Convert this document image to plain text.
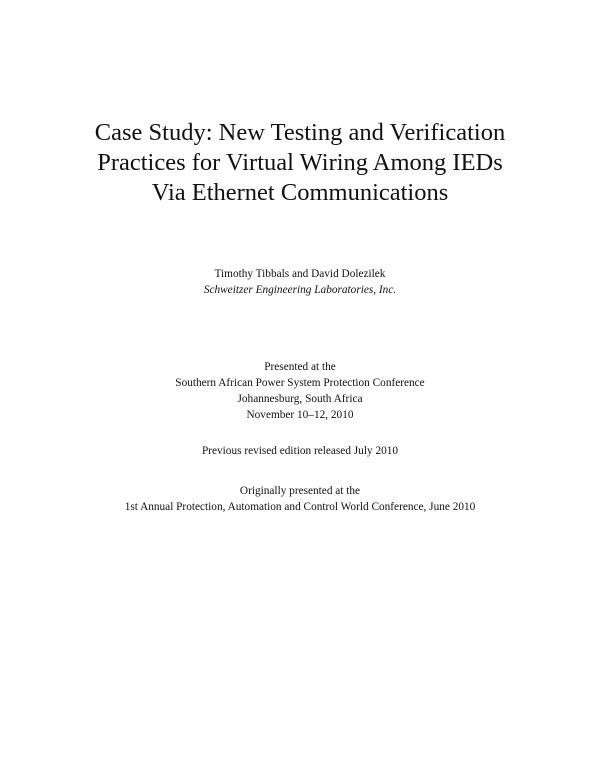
Case Study: New Testing and Verification
Practices for Virtual Wiring Among IEDs
Via Ethernet Communications
Timothy Tibbals and David Dolezilek
Schweitzer Engineering Laboratories, Inc.
Presented at the
Southern African Power System Protection Conference
Johannesburg, South Africa
November 10–12, 2010
Previous revised edition released July 2010
Originally presented at the
1st Annual Protection, Automation and Control World Conference, June 2010
